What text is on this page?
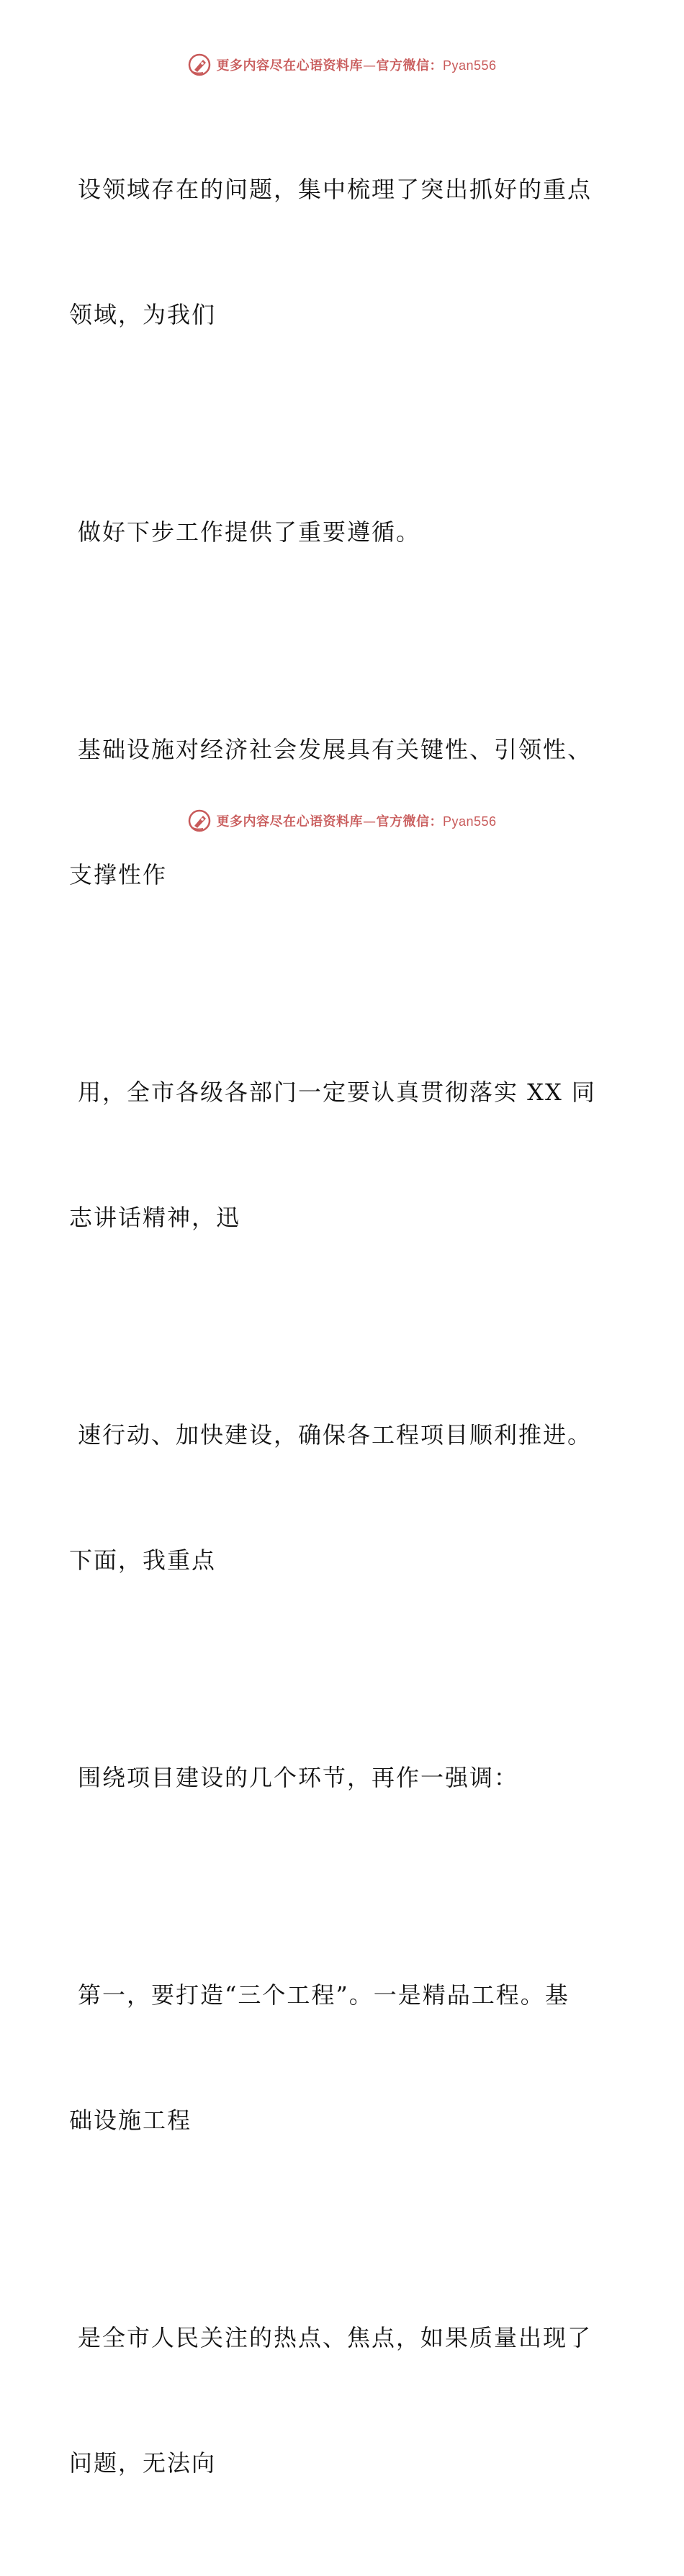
更多内容尽在心语资料库—官方微信：Pyan556

设领域存在的问题，集中梳理了突出抓好的重点

领域，为我们

做好下步工作提供了重要遵循。

基础设施对经济社会发展具有关键性、引领性、

支撑性作

用，全市各级各部门一定要认真贯彻落实 XX 同

志讲话精神，迅

速行动、加快建设，确保各工程项目顺利推进。

下面，我重点

围绕项目建设的几个环节，再作一强调：

第一，要打造“三个工程”。一是精品工程。基

础设施工程

是全市人民关注的热点、焦点，如果质量出现了

问题，无法向

更多内容尽在心语资料库—官方微信：Pyan556
